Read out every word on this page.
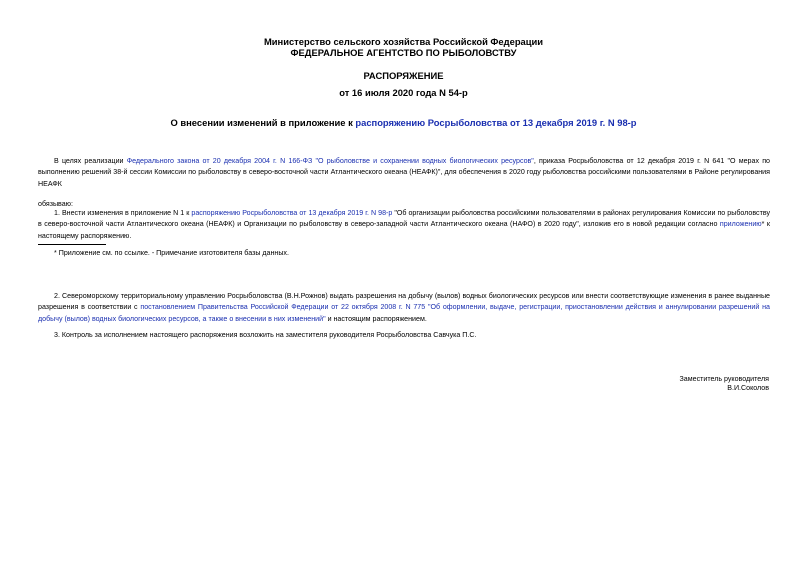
Министерство сельского хозяйства Российской Федерации
ФЕДЕРАЛЬНОЕ АГЕНТСТВО ПО РЫБОЛОВСТВУ
РАСПОРЯЖЕНИЕ
от 16 июля 2020 года N 54-р
О внесении изменений в приложение к распоряжению Росрыболовства от 13 декабря 2019 г. N 98-р
В целях реализации Федерального закона от 20 декабря 2004 г. N 166-ФЗ "О рыболовстве и сохранении водных биологических ресурсов", приказа Росрыболовства от 12 декабря 2019 г. N 641 "О мерах по выполнению решений 38-й сессии Комиссии по рыболовству в северо-восточной части Атлантического океана (НЕАФК)", для обеспечения в 2020 году рыболовства российскими пользователями в Районе регулирования НЕАФК
обязываю:
1. Внести изменения в приложение N 1 к распоряжению Росрыболовства от 13 декабря 2019 г. N 98-р "Об организации рыболовства российскими пользователями в районах регулирования Комиссии по рыболовству в северо-восточной части Атлантического океана (НЕАФК) и Организации по рыболовству в северо-западной части Атлантического океана (НАФО) в 2020 году", изложив его в новой редакции согласно приложению* к настоящему распоряжению.
* Приложение см. по ссылке. - Примечание изготовителя базы данных.
2. Североморскому территориальному управлению Росрыболовства (В.Н.Рожнов) выдать разрешения на добычу (вылов) водных биологических ресурсов или внести соответствующие изменения в ранее выданные разрешения в соответствии с постановлением Правительства Российской Федерации от 22 октября 2008 г. N 775 "Об оформлении, выдаче, регистрации, приостановлении действия и аннулировании разрешений на добычу (вылов) водных биологических ресурсов, а также о внесении в них изменений" и настоящим распоряжением.
3. Контроль за исполнением настоящего распоряжения возложить на заместителя руководителя Росрыболовства Савчука П.С.
Заместитель руководителя
В.И.Соколов
